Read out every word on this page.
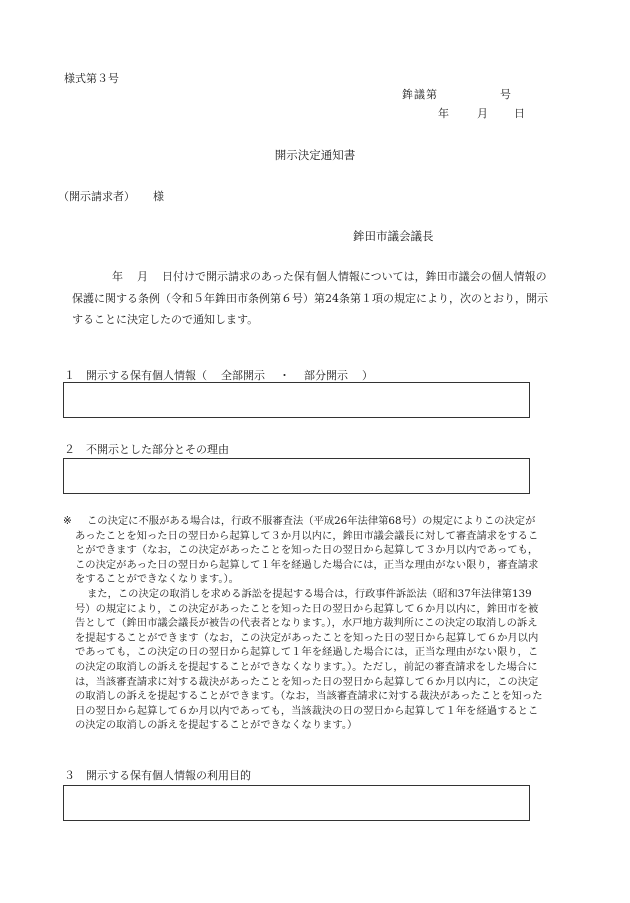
様式第３号
鉾議第	号
年	月 日
開示決定通知書
（開示請求者） 様
鉾田市議会議長
年 月 日付けで開示請求のあった保有個人情報については，鉾田市議会の個人情報の保護に関する条例（令和５年鉾田市条例第６号）第24条第１項の規定により，次のとおり，開示することに決定したので通知します。
１　開示する保有個人情報（ 全部開示 ・ 部分開示 ）
２　不開示とした部分とその理由

※ この決定に不服がある場合は，行政不服審査法（平成26年法律第68号）の規定によりこの決定があったことを知った日の翌日から起算して３か月以内に，鉾田市議会議長に対して審査請求をすることができます（なお，この決定があったことを知った日の翌日から起算して３か月以内であっても，この決定があった日の翌日から起算して１年を経過した場合には，正当な理由がない限り，審査請求をすることができなくなります。）。

また，この決定の取消しを求める訴訟を提起する場合は，行政事件訴訟法（昭和37年法律第139号）の規定により，この決定があったことを知った日の翌日から起算して６か月以内に，鉾田市を被告として（鉾田市議会議長が被告の代表者となります。），水戸地方裁判所にこの決定の取消しの訴えを提起することができます（なお，この決定があったことを知った日の翌日から起算して６か月以内であっても，この決定の日の翌日から起算して１年を経過した場合には，正当な理由がない限り，この決定の取消しの訴えを提起することができなくなります。）。ただし，前記の審査請求をした場合には，当該審査請求に対する裁決があったことを知った日の翌日から起算して６か月以内に，この決定の取消しの訴えを提起することができます。（なお，当該審査請求に対する裁決があったことを知った日の翌日から起算して６か月以内であっても，当該裁決の日の翌日から起算して１年を経過するとこの決定の取消しの訴えを提起することができなくなります。）

３　開示する保有個人情報の利用目的
